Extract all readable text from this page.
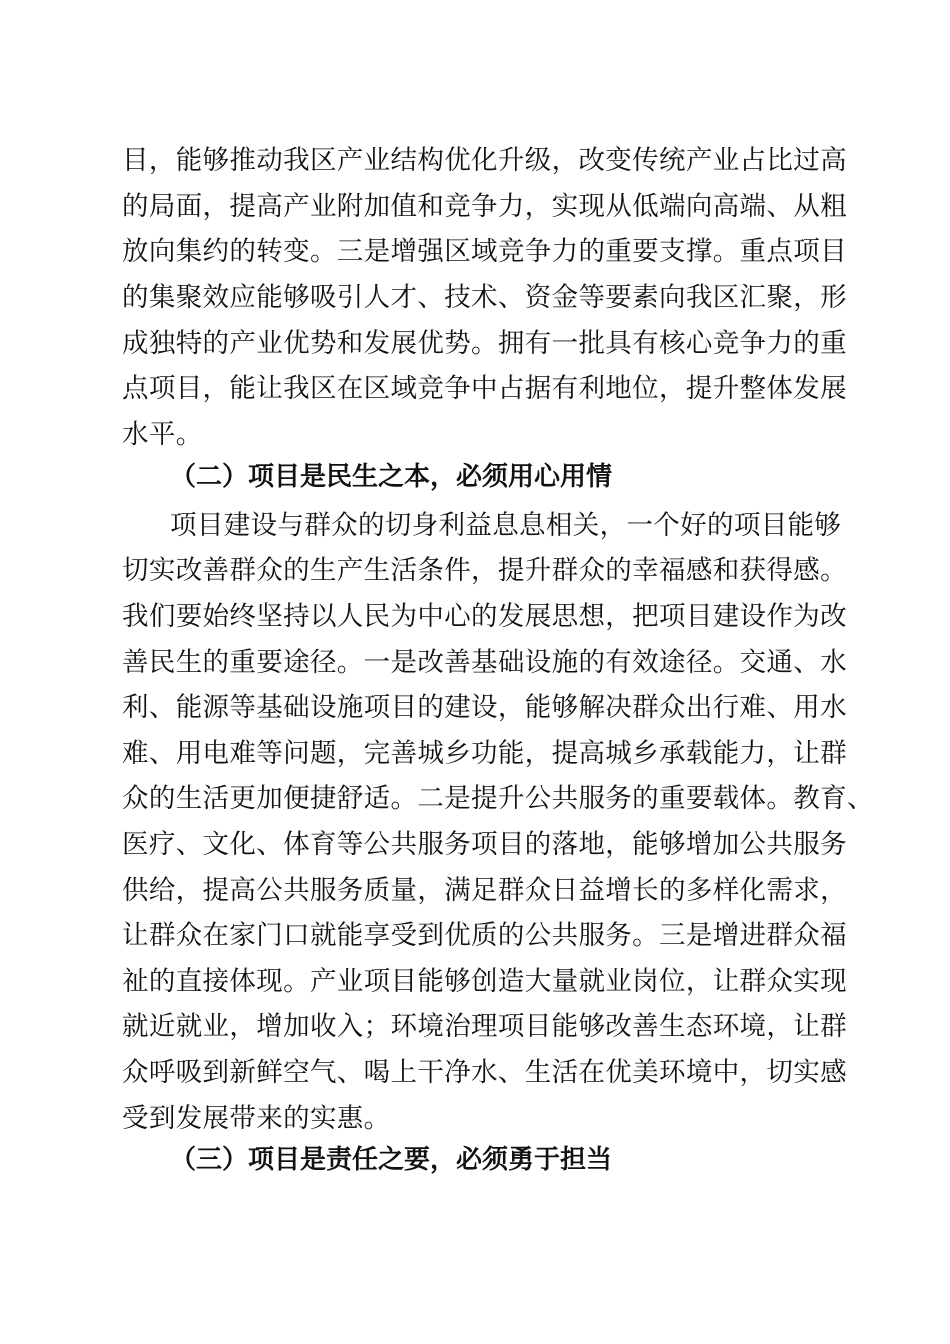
目，能够推动我区产业结构优化升级，改变传统产业占比过高

的局面，提高产业附加值和竞争力，实现从低端向高端、从粗

放向集约的转变。三是增强区域竞争力的重要支撑。重点项目

的集聚效应能够吸引人才、技术、资金等要素向我区汇聚，形

成独特的产业优势和发展优势。拥有一批具有核心竞争力的重

点项目，能让我区在区域竞争中占据有利地位，提升整体发展

水平。

（二）项目是民生之本，必须用心用情

项目建设与群众的切身利益息息相关，一个好的项目能够

切实改善群众的生产生活条件，提升群众的幸福感和获得感。

我们要始终坚持以人民为中心的发展思想，把项目建设作为改

善民生的重要途径。一是改善基础设施的有效途径。交通、水

利、能源等基础设施项目的建设，能够解决群众出行难、用水

难、用电难等问题，完善城乡功能，提高城乡承载能力，让群

众的生活更加便捷舒适。二是提升公共服务的重要载体。教育、

医疗、文化、体育等公共服务项目的落地，能够增加公共服务

供给，提高公共服务质量，满足群众日益增长的多样化需求，

让群众在家门口就能享受到优质的公共服务。三是增进群众福

祉的直接体现。产业项目能够创造大量就业岗位，让群众实现

就近就业，增加收入；环境治理项目能够改善生态环境，让群

众呼吸到新鲜空气、喝上干净水、生活在优美环境中，切实感

受到发展带来的实惠。

（三）项目是责任之要，必须勇于担当
